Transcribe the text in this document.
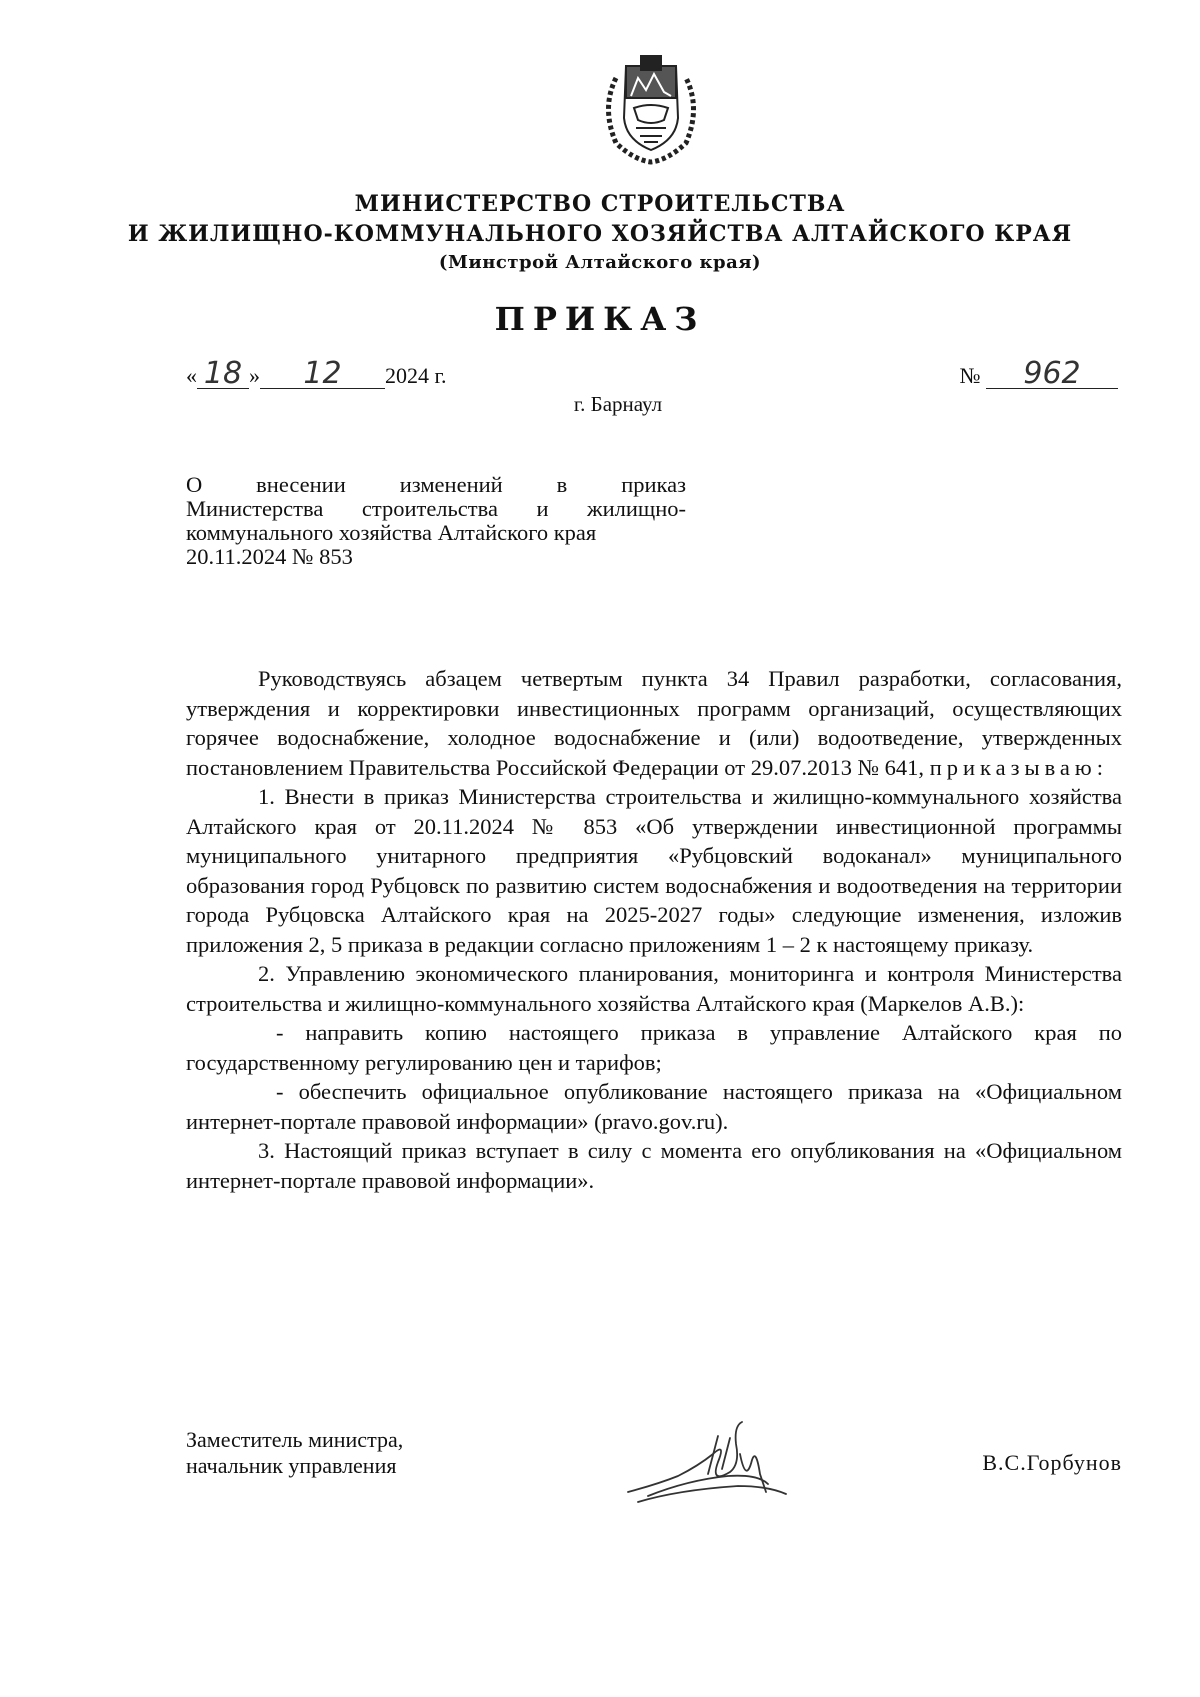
МИНИСТЕРСТВО СТРОИТЕЛЬСТВА
И ЖИЛИЩНО-КОММУНАЛЬНОГО ХОЗЯЙСТВА АЛТАЙСКОГО КРАЯ
(Минстрой Алтайского края)
ПРИКАЗ
« 18 » 12 2024 г.	№ 962
г. Барнаул

О внесении изменений в приказ

Министерства строительства и жилищно-

коммунального хозяйства Алтайского края

20.11.2024 № 853

Руководствуясь абзацем четвертым пункта 34 Правил разработки, согласования, утверждения и корректировки инвестиционных программ организаций, осуществляющих горячее водоснабжение, холодное водоснабжение и (или) водоотведение, утвержденных постановлением Правительства Российской Федерации от 29.07.2013 № 641, приказываю:

1. Внести в приказ Министерства строительства и жилищно-коммунального хозяйства Алтайского края от 20.11.2024 № 853 «Об утверждении инвестиционной программы муниципального унитарного предприятия «Рубцовский водоканал» муниципального образования город Рубцовск по развитию систем водоснабжения и водоотведения на территории города Рубцовска Алтайского края на 2025-2027 годы» следующие изменения, изложив приложения 2, 5 приказа в редакции согласно приложениям 1 – 2 к настоящему приказу.

2. Управлению экономического планирования, мониторинга и контроля Министерства строительства и жилищно-коммунального хозяйства Алтайского края (Маркелов А.В.):

- направить копию настоящего приказа в управление Алтайского края по государственному регулированию цен и тарифов;

- обеспечить официальное опубликование настоящего приказа на «Официальном интернет-портале правовой информации» (pravo.gov.ru).

3. Настоящий приказ вступает в силу с момента его опубликования на «Официальном интернет-портале правовой информации».

Заместитель министра,
начальник управления	В.С.Горбунов
